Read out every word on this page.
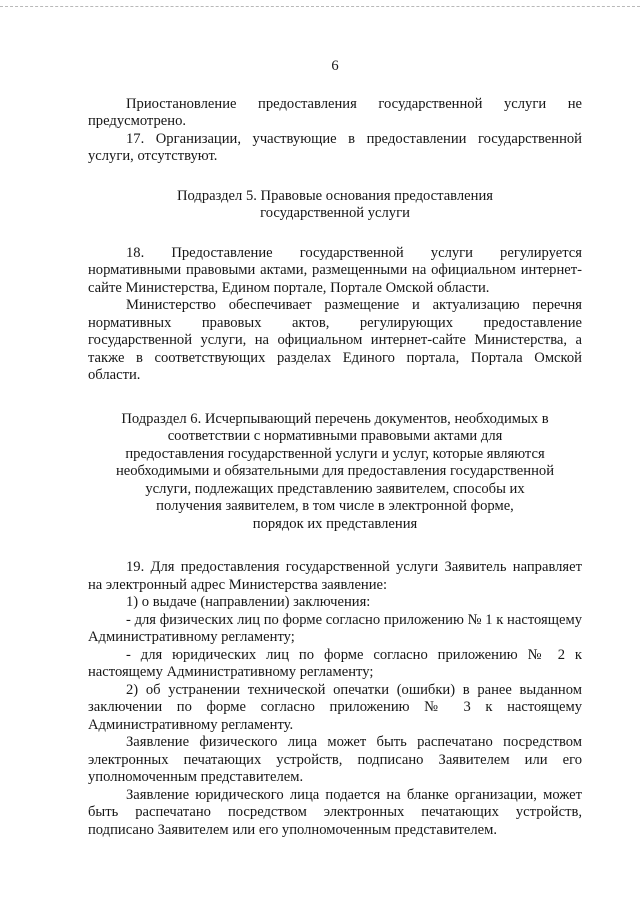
6

Приостановление предоставления государственной услуги не предусмотрено.

17. Организации, участвующие в предоставлении государственной услуги, отсутствуют.

Подраздел 5. Правовые основания предоставления
государственной услуги

18. Предоставление государственной услуги регулируется нормативными правовыми актами, размещенными на официальном интернет-сайте Министерства, Едином портале, Портале Омской области.

Министерство обеспечивает размещение и актуализацию перечня нормативных правовых актов, регулирующих предоставление государственной услуги, на официальном интернет-сайте Министерства, а также в соответствующих разделах Единого портала, Портала Омской области.

Подраздел 6. Исчерпывающий перечень документов, необходимых в
соответствии с нормативными правовыми актами для
предоставления государственной услуги и услуг, которые являются
необходимыми и обязательными для предоставления государственной
услуги, подлежащих представлению заявителем, способы их
получения заявителем, в том числе в электронной форме,
порядок их представления

19. Для предоставления государственной услуги Заявитель направляет на электронный адрес Министерства заявление:

1) о выдаче (направлении) заключения:

- для физических лиц по форме согласно приложению № 1 к настоящему Административному регламенту;

- для юридических лиц по форме согласно приложению № 2 к настоящему Административному регламенту;

2) об устранении технической опечатки (ошибки) в ранее выданном заключении по форме согласно приложению № 3 к настоящему Административному регламенту.

Заявление физического лица может быть распечатано посредством электронных печатающих устройств, подписано Заявителем или его уполномоченным представителем.

Заявление юридического лица подается на бланке организации, может быть распечатано посредством электронных печатающих устройств, подписано Заявителем или его уполномоченным представителем.
